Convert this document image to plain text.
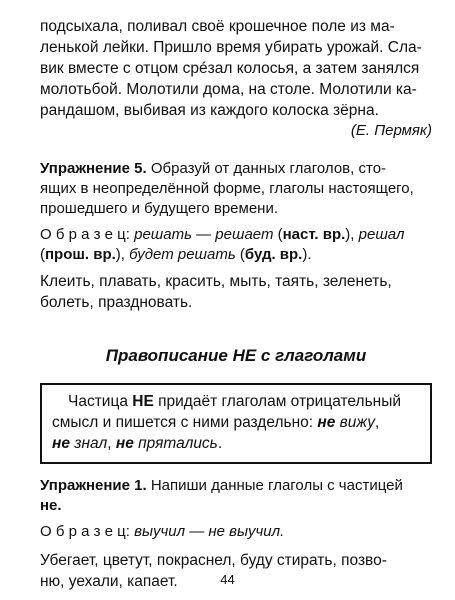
подсыхала, поливал своё крошечное поле из ма-
ленькой лейки. Пришло время убирать урожай. Сла-
вик вместе с отцом срéзал колосья, а затем занялся
молотьбой. Молотили дома, на столе. Молотили ка-
рандашом, выбивая из каждого колоска зёрна.
(Е. Пермяк)
Упражнение 5. Образуй от данных глаголов, сто-
ящих в неопределённой форме, глаголы настоящего,
прошедшего и будущего времени.
О б р а з е ц: решать — решает (наст. вр.), решал
(прош. вр.), будет решать (буд. вр.).
Клеить, плавать, красить, мыть, таять, зеленеть,
болеть, праздновать.
Правописание НЕ с глаголами
Частица НЕ придаёт глаголам отрицательный
смысл и пишется с ними раздельно: не вижу,
не знал, не прятались.
Упражнение 1. Напиши данные глаголы с частицей
не.
О б р а з е ц: выучил — не выучил.
Убегает, цветут, покраснел, буду стирать, позво-
ню, уехали, капает.	44
